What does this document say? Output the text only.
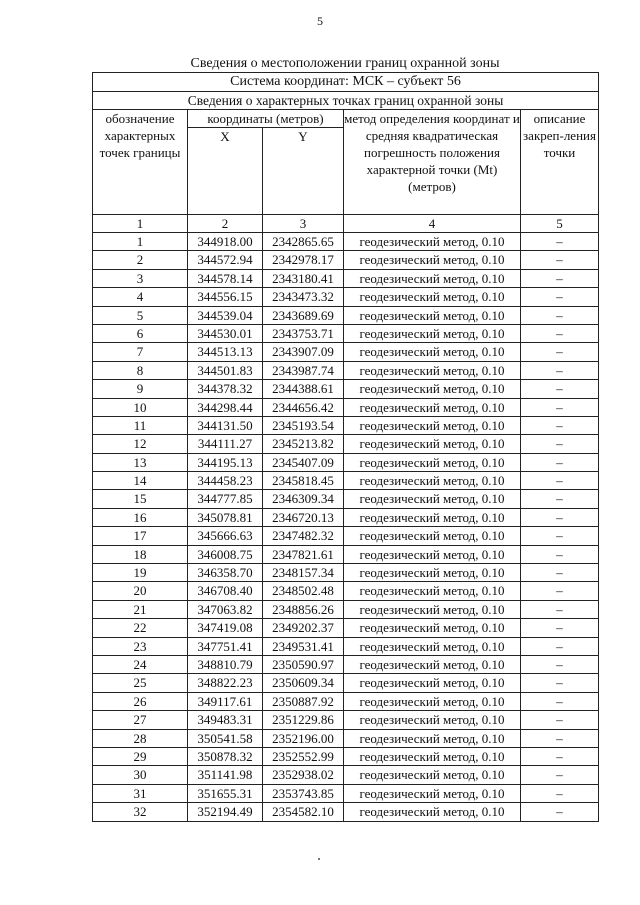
5
Сведения о местоположении границ охранной зоны
Система координат: МСК – субъект 56				
Сведения о характерных точках границ охранной зоны				
обозначение характерных точек границы	координаты (метров)		метод определения координат и средняя квадратическая погрешность положения характерной точки (Mt) (метров)	описание закреп-ления точки
	X	Y		
1	2	3	4	5
1	344918.00	2342865.65	геодезический метод, 0.10	–
2	344572.94	2342978.17	геодезический метод, 0.10	–
3	344578.14	2343180.41	геодезический метод, 0.10	–
4	344556.15	2343473.32	геодезический метод, 0.10	–
5	344539.04	2343689.69	геодезический метод, 0.10	–
6	344530.01	2343753.71	геодезический метод, 0.10	–
7	344513.13	2343907.09	геодезический метод, 0.10	–
8	344501.83	2343987.74	геодезический метод, 0.10	–
9	344378.32	2344388.61	геодезический метод, 0.10	–
10	344298.44	2344656.42	геодезический метод, 0.10	–
11	344131.50	2345193.54	геодезический метод, 0.10	–
12	344111.27	2345213.82	геодезический метод, 0.10	–
13	344195.13	2345407.09	геодезический метод, 0.10	–
14	344458.23	2345818.45	геодезический метод, 0.10	–
15	344777.85	2346309.34	геодезический метод, 0.10	–
16	345078.81	2346720.13	геодезический метод, 0.10	–
17	345666.63	2347482.32	геодезический метод, 0.10	–
18	346008.75	2347821.61	геодезический метод, 0.10	–
19	346358.70	2348157.34	геодезический метод, 0.10	–
20	346708.40	2348502.48	геодезический метод, 0.10	–
21	347063.82	2348856.26	геодезический метод, 0.10	–
22	347419.08	2349202.37	геодезический метод, 0.10	–
23	347751.41	2349531.41	геодезический метод, 0.10	–
24	348810.79	2350590.97	геодезический метод, 0.10	–
25	348822.23	2350609.34	геодезический метод, 0.10	–
26	349117.61	2350887.92	геодезический метод, 0.10	–
27	349483.31	2351229.86	геодезический метод, 0.10	–
28	350541.58	2352196.00	геодезический метод, 0.10	–
29	350878.32	2352552.99	геодезический метод, 0.10	–
30	351141.98	2352938.02	геодезический метод, 0.10	–
31	351655.31	2353743.85	геодезический метод, 0.10	–
32	352194.49	2354582.10	геодезический метод, 0.10	–
